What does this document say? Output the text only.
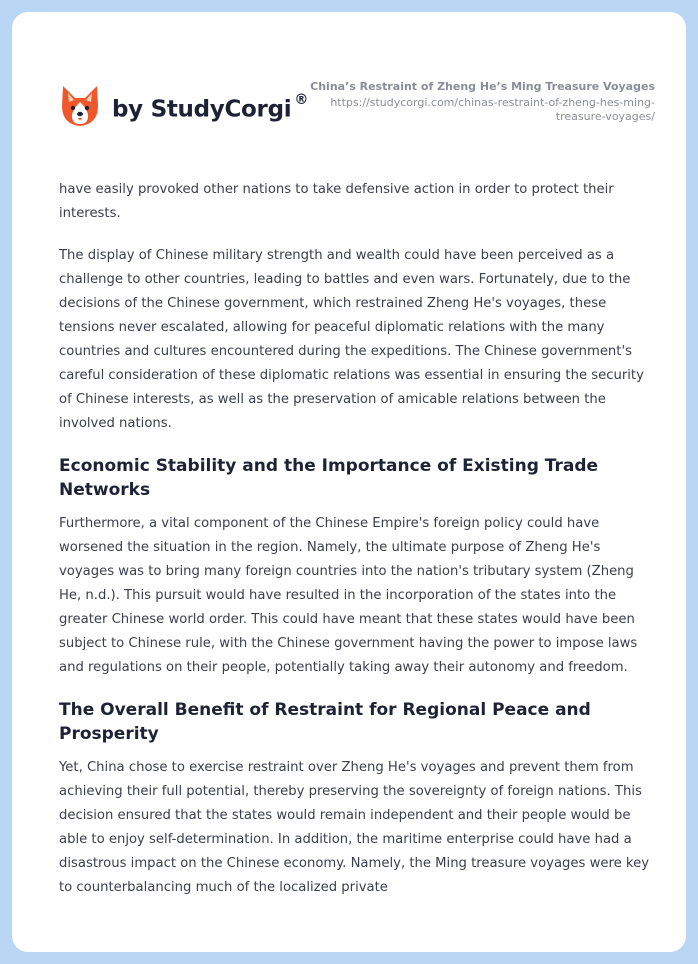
by StudyCorgi ®
China’s Restraint of Zheng He’s Ming Treasure Voyages
https://studycorgi.com/chinas-restraint-of-zheng-hes-ming-treasure-voyages/

have easily provoked other nations to take defensive action in order to protect their interests.

The display of Chinese military strength and wealth could have been perceived as a challenge to other countries, leading to battles and even wars. Fortunately, due to the decisions of the Chinese government, which restrained Zheng He's voyages, these tensions never escalated, allowing for peaceful diplomatic relations with the many countries and cultures encountered during the expeditions. The Chinese government's careful consideration of these diplomatic relations was essential in ensuring the security of Chinese interests, as well as the preservation of amicable relations between the involved nations.

Economic Stability and the Importance of Existing Trade Networks

Furthermore, a vital component of the Chinese Empire's foreign policy could have worsened the situation in the region. Namely, the ultimate purpose of Zheng He's voyages was to bring many foreign countries into the nation's tributary system (Zheng He, n.d.). This pursuit would have resulted in the incorporation of the states into the greater Chinese world order. This could have meant that these states would have been subject to Chinese rule, with the Chinese government having the power to impose laws and regulations on their people, potentially taking away their autonomy and freedom.

The Overall Benefit of Restraint for Regional Peace and Prosperity

Yet, China chose to exercise restraint over Zheng He's voyages and prevent them from achieving their full potential, thereby preserving the sovereignty of foreign nations. This decision ensured that the states would remain independent and their people would be able to enjoy self-determination. In addition, the maritime enterprise could have had a disastrous impact on the Chinese economy. Namely, the Ming treasure voyages were key to counterbalancing much of the localized private
